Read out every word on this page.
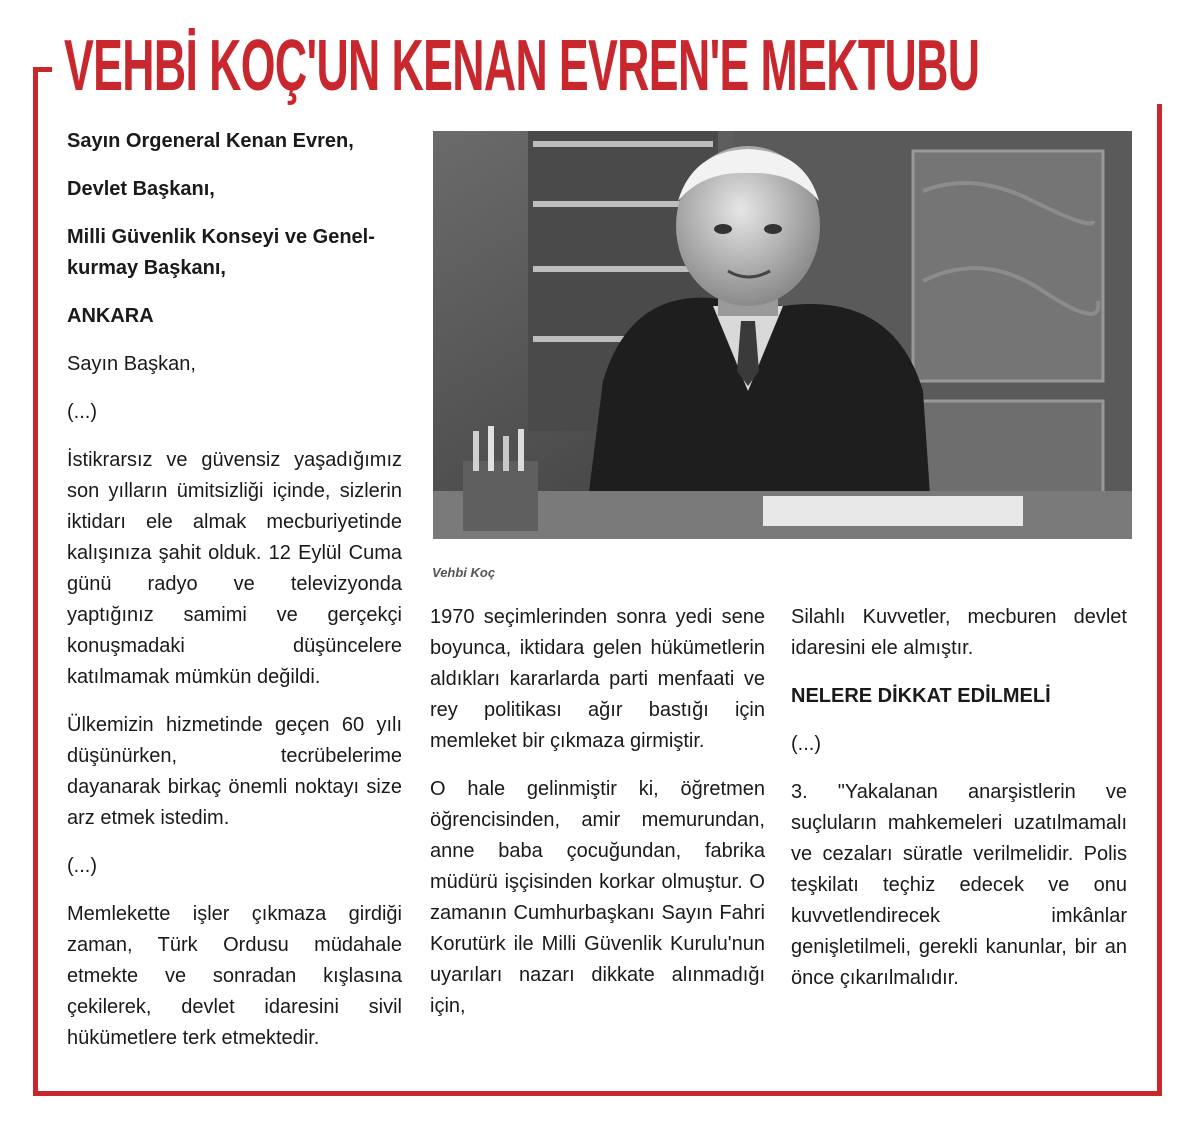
VEHBİ KOÇ'UN KENAN EVREN'E MEKTUBU

Sayın Orgeneral Kenan Evren,

Devlet Başkanı,

Milli Güvenlik Konseyi ve Genel-kurmay Başkanı,

ANKARA

Sayın Başkan,

(...)

İstikrarsız ve güvensiz yaşadığımız son yılların ümitsizliği içinde, sizlerin iktidarı ele almak mecburiyetinde kalışınıza şahit olduk. 12 Eylül Cuma günü radyo ve televizyonda yaptığınız samimi ve gerçekçi konuşmadaki düşüncelere katılmamak mümkün değildi.

Ülkemizin hizmetinde geçen 60 yılı düşünürken, tecrübelerime dayanarak birkaç önemli noktayı size arz etmek istedim.

(...)

Memlekette işler çıkmaza girdiği zaman, Türk Ordusu müdahale etmekte ve sonradan kışlasına çekilerek, devlet idaresini sivil hükümetlere terk etmektedir.

Vehbi Koç

1970 seçimlerinden sonra yedi sene boyunca, iktidara gelen hükümetlerin aldıkları kararlarda parti menfaati ve rey politikası ağır bastığı için memleket bir çıkmaza girmiştir.

O hale gelinmiştir ki, öğretmen öğrencisinden, amir memurundan, anne baba çocuğundan, fabrika müdürü işçisinden korkar olmuştur. O zamanın Cumhurbaşkanı Sayın Fahri Korutürk ile Milli Güvenlik Kurulu'nun uyarıları nazarı dikkate alınmadığı için,

Silahlı Kuvvetler, mecburen devlet idaresini ele almıştır.

NELERE DİKKAT EDİLMELİ

(...)

3. "Yakalanan anarşistlerin ve suçluların mahkemeleri uzatılmamalı ve cezaları süratle verilmelidir. Polis teşkilatı teçhiz edecek ve onu kuvvetlendirecek imkânlar genişletilmeli, gerekli kanunlar, bir an önce çıkarılmalıdır.
